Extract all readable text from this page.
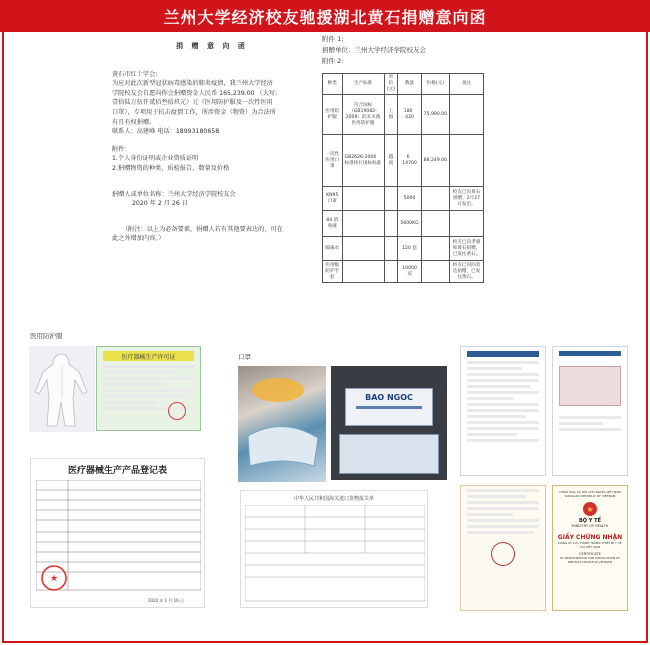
兰州大学经济校友驰援湖北黄石捐赠意向函
捐 赠 意 向 函

黄石市红十字会:

为应对此次新型冠状病毒感染的肺炎疫情，我兰州大学经济

学院校友会自愿向你会捐赠资金人民币 165,239.00 （大写:

壹拾陆万伍仟贰佰叁拾玖元）元（医用防护服及一次性医用

口罩），专项用于抗击疫情工作，所涉资金（物资）为合法所

有且有权捐赠。

联系人：高建峰 电话：18993180658

附件：

1.个人身份证明或企业资质证明

2.捐赠物资的种类、质检报告、数量及价格

捐赠人或单位名称：兰州大学经济学院校友会

2020 年 2 月 26 日

（附注：以上为必备要素，捐赠人若有其他要表达的，可在

此之外增加内容。）

附件 1:
捐赠单位：兰州大学经济学院校友会
附件 2:
种类	生产标准	单价(元)	数量	价格(元)	备注
医用防护服	符合国标（GB19082-2009）的未灭菌医用防护服	上海	180   420	75,990.00	
一次性医用口罩	GB2626-2006 标准执行国标标准	越南	6   14700	88,249.00	
KN95 口罩			5000		校友已向黄石捐赠，2月27日发出。
84 消毒液			5600KG		
隔离衣			120 套		校友已向孝感和黄石捐赠，已发往黄石。
医用级防护手套			10000 双		校友已向四者达捐赠，已发往黄石。
医用防护服
口罩
医疗器械生产许可证
医疗器械生产产品登记表
★
2020 年 1 月 16 日
BAO NGOC
中华人民共和国海关进口货物报关单
CỘNG HÒA XÃ HỘI CHỦ NGHĨA VIỆT NAM
SOCIALIST REPUBLIC OF VIETNAM
★
BỘ Y TẾ
MINISTRY OF HEALTH
GIẤY CHỨNG NHẬN
ĐĂNG KÝ LƯU HÀNH TRANG THIẾT BỊ Y TẾ TẠI VIỆT NAM
CERTIFICATE
OF REGISTRATION FOR CIRCULATION OF MEDICAL DEVICE IN VIETNAM
